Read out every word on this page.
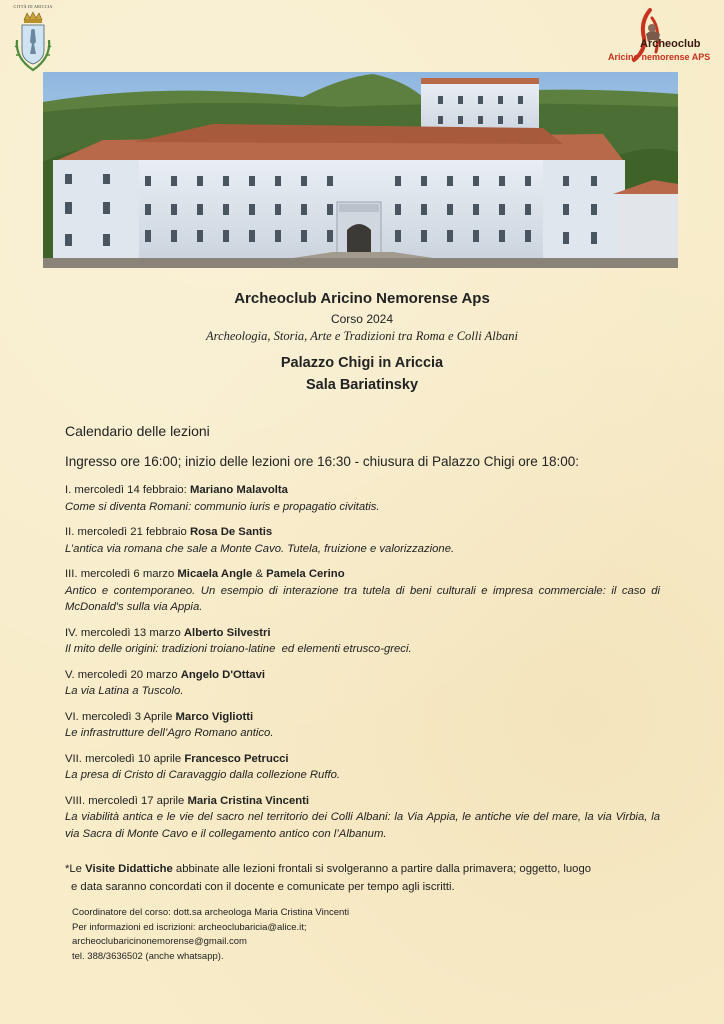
CITTÀ DI ARICCIA
Archeoclub
Aricino nemorense APS
Archeoclub Aricino Nemorense Aps
Corso 2024
Archeologia, Storia, Arte e Tradizioni tra Roma e Colli Albani
Palazzo Chigi in Ariccia
Sala Bariatinsky
Calendario delle lezioni
Ingresso ore 16:00; inizio delle lezioni ore 16:30 - chiusura di Palazzo Chigi ore 18:00:
I. mercoledì 14 febbraio: Mariano Malavolta
Come si diventa Romani: communio iuris e propagatio civitatis.
II. mercoledì 21 febbraio Rosa De Santis
L’antica via romana che sale a Monte Cavo. Tutela, fruizione e valorizzazione.
III. mercoledì 6 marzo Micaela Angle & Pamela Cerino
Antico e contemporaneo. Un esempio di interazione tra tutela di beni culturali e impresa commerciale: il caso di McDonald's sulla via Appia.
IV. mercoledì 13 marzo Alberto Silvestri
Il mito delle origini: tradizioni troiano-latine  ed elementi etrusco-greci.
V. mercoledì 20 marzo Angelo D'Ottavi
La via Latina a Tuscolo.
VI. mercoledì 3 Aprile Marco Vigliotti
Le infrastrutture dell’Agro Romano antico.
VII. mercoledì 10 aprile Francesco Petrucci
La presa di Cristo di Caravaggio dalla collezione Ruffo.
VIII. mercoledì 17 aprile Maria Cristina Vincenti
La viabilità antica e le vie del sacro nel territorio dei Colli Albani: la Via Appia, le antiche vie del mare, la via Virbia, la via Sacra di Monte Cavo e il collegamento antico con l’Albanum.
*Le Visite Didattiche abbinate alle lezioni frontali si svolgeranno a partire dalla primavera; oggetto, luogo
e data saranno concordati con il docente e comunicate per tempo agli iscritti.
Coordinatore del corso: dott.sa archeologa Maria Cristina Vincenti
Per informazioni ed iscrizioni: archeoclubaricia@alice.it;
archeoclubaricinonemorense@gmail.com
tel. 388/3636502 (anche whatsapp).
